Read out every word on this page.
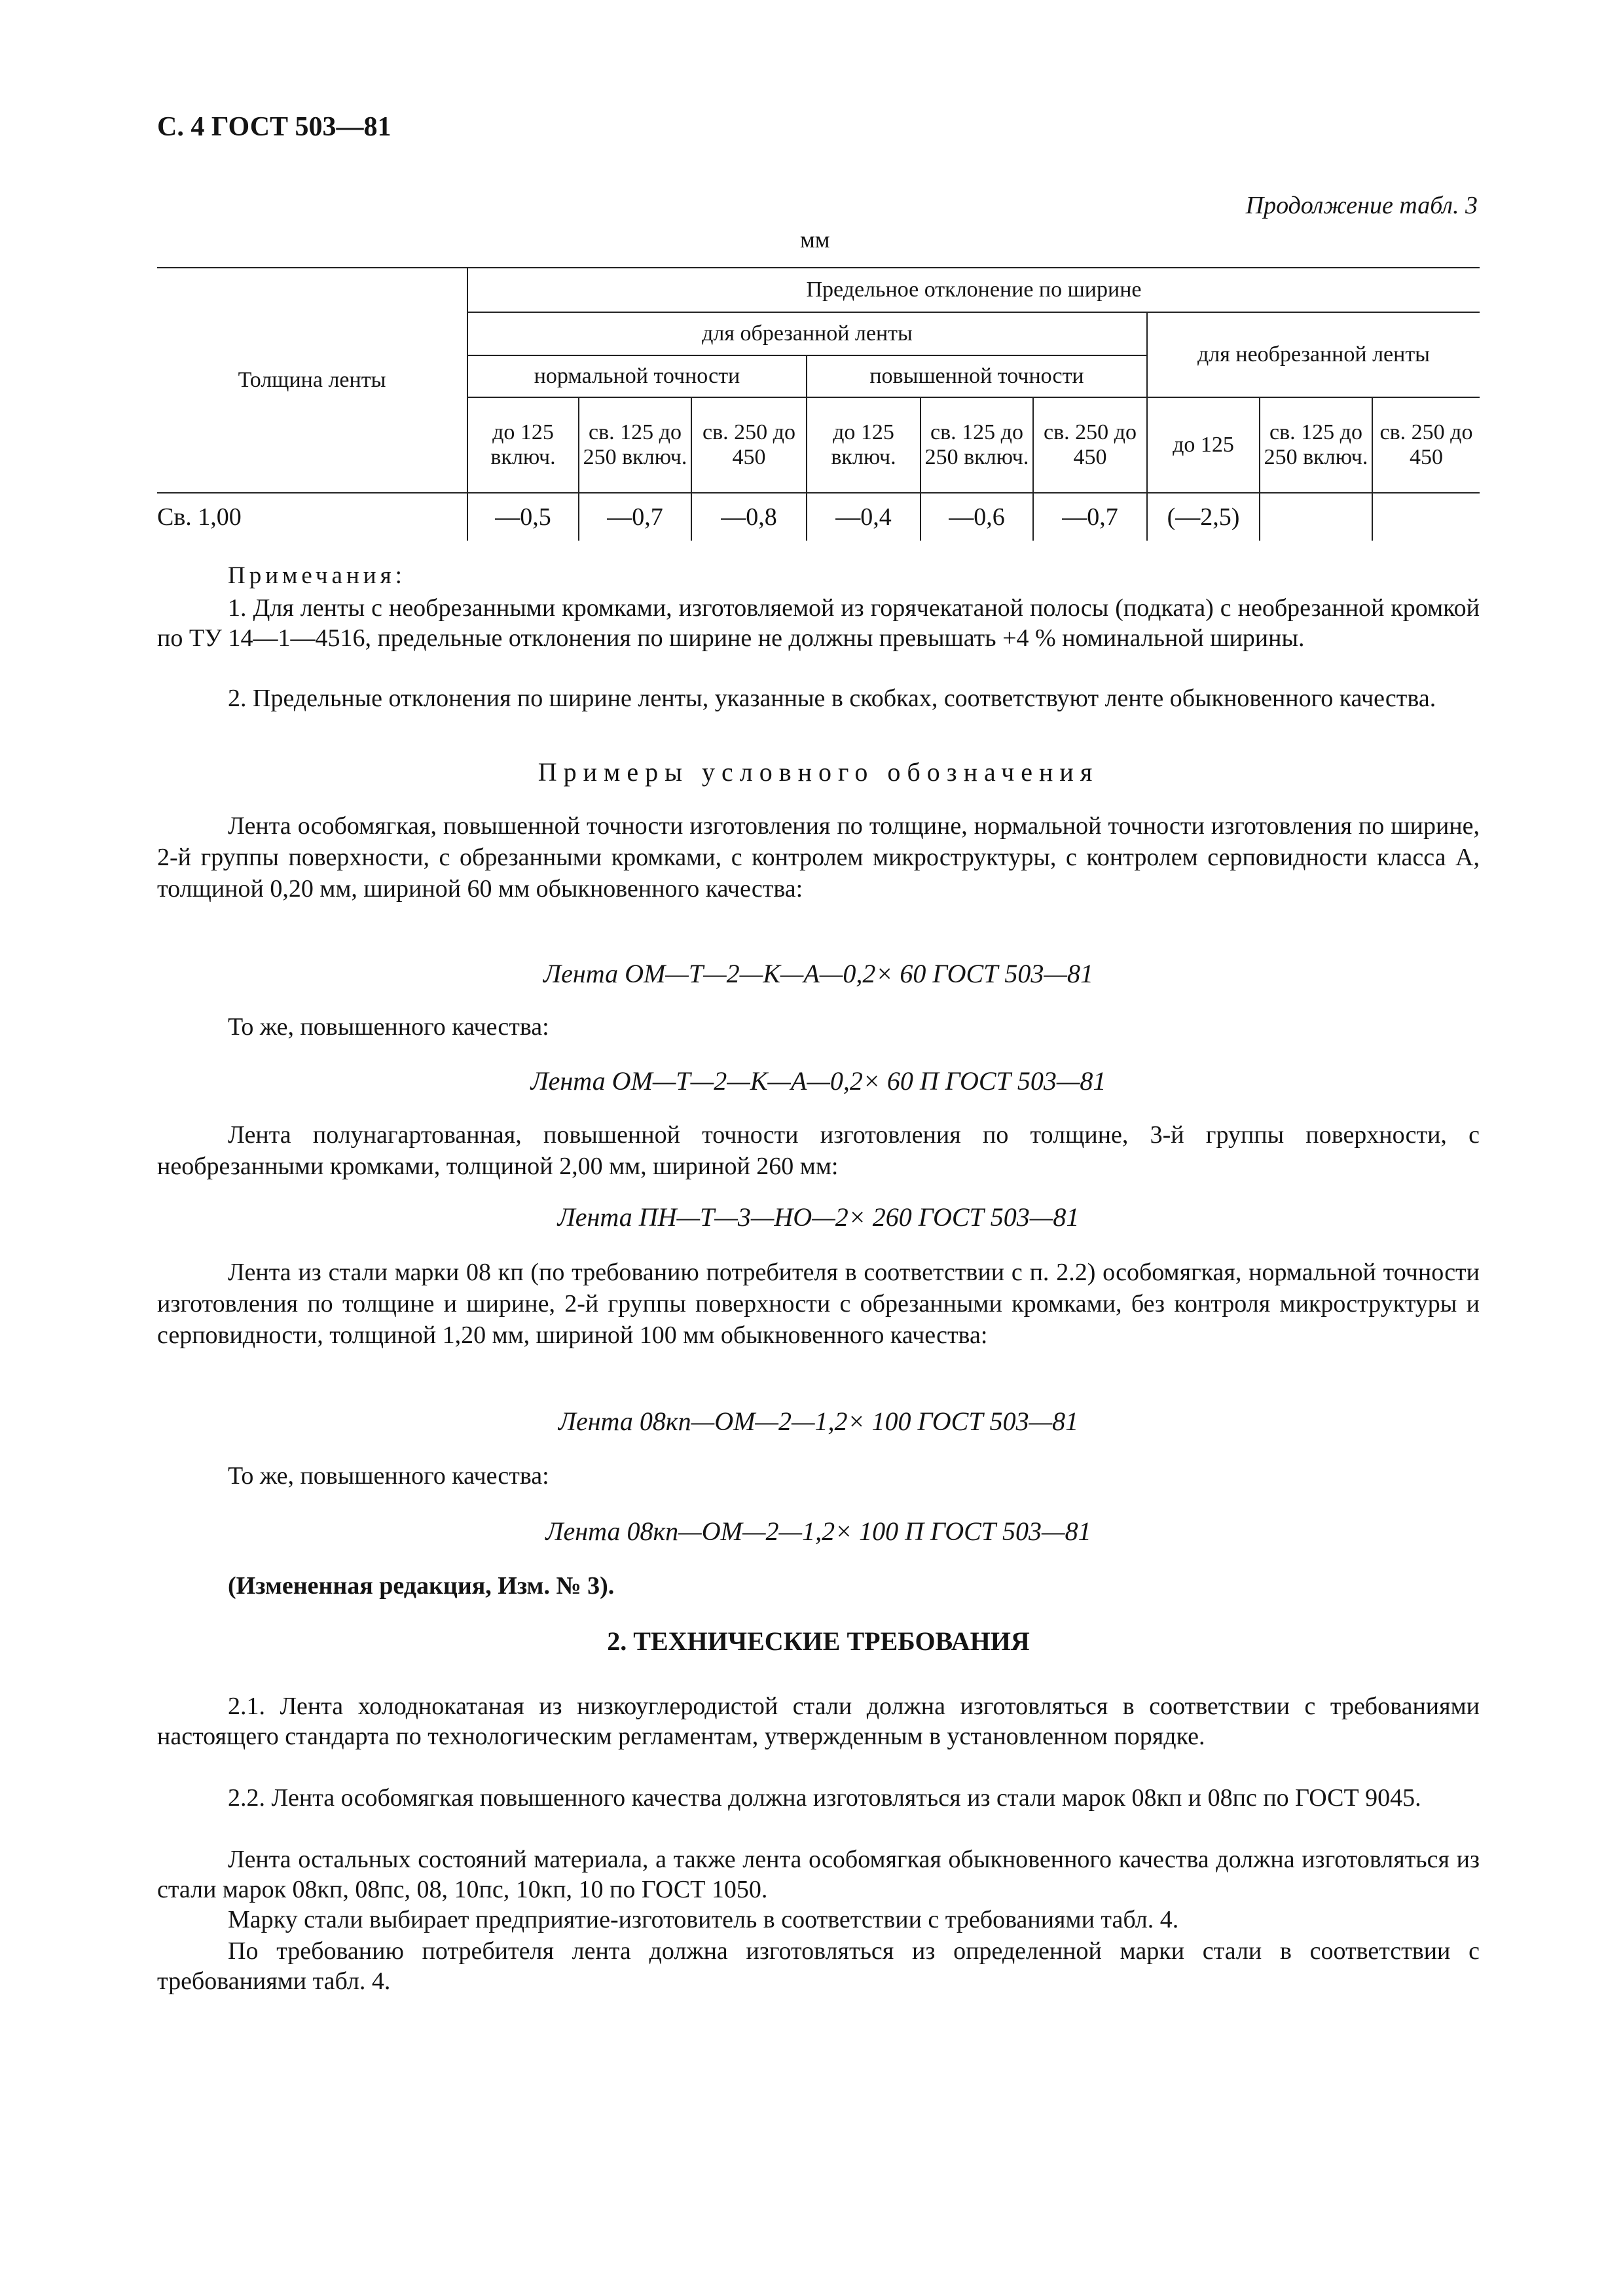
С. 4 ГОСТ 503—81
Продолжение табл. 3
мм
Толщина ленты	Предельное отклонение по ширине								
	для обрезанной ленты						для необрезанной ленты		
	нормальной точности			повышенной точности					
	до 125 включ.	св. 125 до 250 включ.	св. 250 до 450	до 125 включ.	св. 125 до 250 включ.	св. 250 до 450	до 125	св. 125 до 250 включ.	св. 250 до 450
Св. 1,00	—0,5	—0,7	—0,8	—0,4	—0,6	—0,7	(—2,5)		
Примечания:
1. Для ленты с необрезанными кромками, изготовляемой из горячекатаной полосы (подката) с необрезанной кромкой по ТУ 14—1—4516, предельные отклонения по ширине не должны превышать +4 % номинальной ширины.
2. Предельные отклонения по ширине ленты, указанные в скобках, соответствуют ленте обыкновенного качества.
Примеры условного обозначения
Лента особомягкая, повышенной точности изготовления по толщине, нормальной точности изготовления по ширине, 2-й группы поверхности, с обрезанными кромками, с контролем микроструктуры, с контролем серповидности класса А, толщиной 0,20 мм, шириной 60 мм обыкновенного качества:
Лента ОМ—Т—2—К—А—0,2× 60 ГОСТ 503—81
То же, повышенного качества:
Лента ОМ—Т—2—К—А—0,2× 60 П ГОСТ 503—81
Лента полунагартованная, повышенной точности изготовления по толщине, 3-й группы поверхности, с необрезанными кромками, толщиной 2,00 мм, шириной 260 мм:
Лента ПН—Т—3—НО—2× 260 ГОСТ 503—81
Лента из стали марки 08 кп (по требованию потребителя в соответствии с п. 2.2) особомягкая, нормальной точности изготовления по толщине и ширине, 2-й группы поверхности с обрезанными кромками, без контроля микроструктуры и серповидности, толщиной 1,20 мм, шириной 100 мм обыкновенного качества:
Лента 08кп—ОМ—2—1,2× 100 ГОСТ 503—81
То же, повышенного качества:
Лента 08кп—ОМ—2—1,2× 100 П ГОСТ 503—81
(Измененная редакция, Изм. № 3).
2. ТЕХНИЧЕСКИЕ ТРЕБОВАНИЯ
2.1. Лента холоднокатаная из низкоуглеродистой стали должна изготовляться в соответствии с требованиями настоящего стандарта по технологическим регламентам, утвержденным в установленном порядке.
2.2. Лента особомягкая повышенного качества должна изготовляться из стали марок 08кп и 08пс по ГОСТ 9045.
Лента остальных состояний материала, а также лента особомягкая обыкновенного качества должна изготовляться из стали марок 08кп, 08пс, 08, 10пс, 10кп, 10 по ГОСТ 1050.
Марку стали выбирает предприятие-изготовитель в соответствии с требованиями табл. 4.
По требованию потребителя лента должна изготовляться из определенной марки стали в соответствии с требованиями табл. 4.
